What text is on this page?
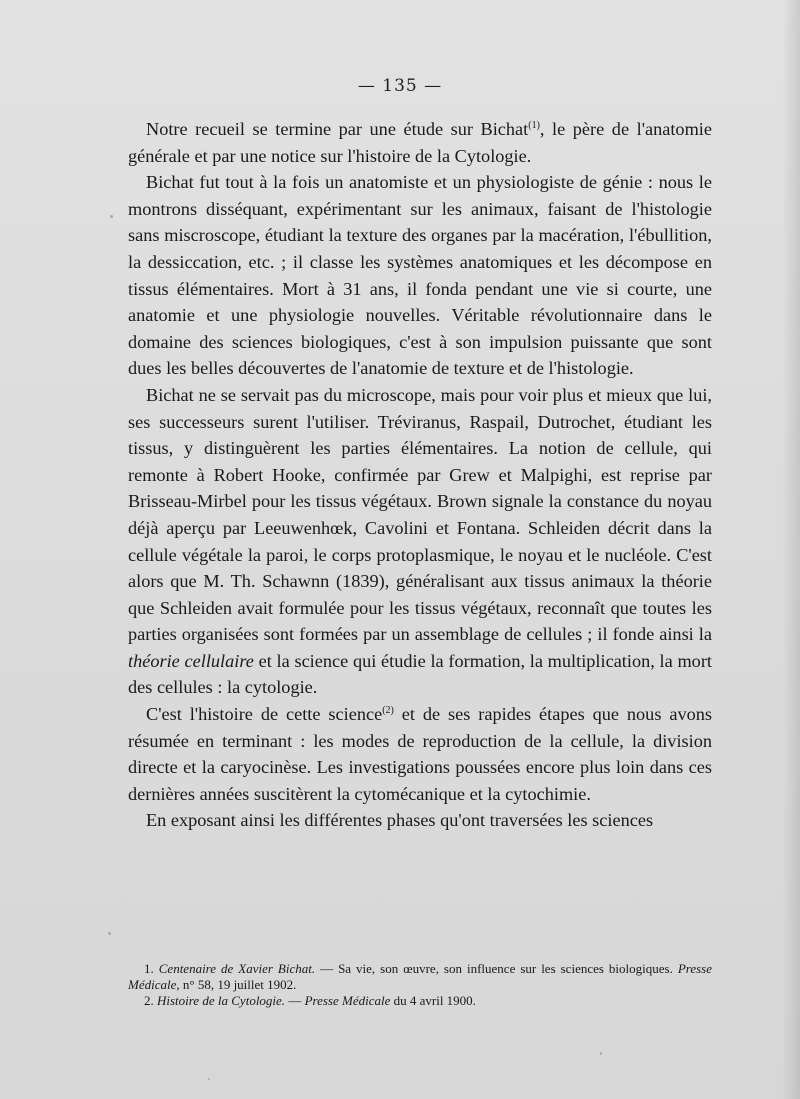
— 135 —

Notre recueil se termine par une étude sur Bichat$^{(1)}$, le père de l'anatomie générale et par une notice sur l'histoire de la Cytologie.

Bichat fut tout à la fois un anatomiste et un physiologiste de génie : nous le montrons disséquant, expérimentant sur les animaux, faisant de l'histologie sans miscroscope, étudiant la texture des organes par la macération, l'ébullition, la dessiccation, etc. ; il classe les systèmes anatomiques et les décompose en tissus élémentaires. Mort à 31 ans, il fonda pendant une vie si courte, une anatomie et une physiologie nouvelles. Véritable révolutionnaire dans le domaine des sciences biologiques, c'est à son impulsion puissante que sont dues les belles découvertes de l'anatomie de texture et de l'histologie.

Bichat ne se servait pas du microscope, mais pour voir plus et mieux que lui, ses successeurs surent l'utiliser. Tréviranus, Raspail, Dutrochet, étudiant les tissus, y distinguèrent les parties élémentaires. La notion de cellule, qui remonte à Robert Hooke, confirmée par Grew et Malpighi, est reprise par Brisseau-Mirbel pour les tissus végétaux. Brown signale la constance du noyau déjà aperçu par Leeuwenhœk, Cavolini et Fontana. Schleiden décrit dans la cellule végétale la paroi, le corps protoplasmique, le noyau et le nucléole. C'est alors que M. Th. Schawnn (1839), généralisant aux tissus animaux la théorie que Schleiden avait formulée pour les tissus végétaux, reconnaît que toutes les parties organisées sont formées par un assemblage de cellules ; il fonde ainsi la théorie cellulaire et la science qui étudie la formation, la multiplication, la mort des cellules : la cytologie.

C'est l'histoire de cette science$^{(2)}$ et de ses rapides étapes que nous avons résumée en terminant : les modes de reproduction de la cellule, la division directe et la caryocinèse. Les investigations poussées encore plus loin dans ces dernières années suscitèrent la cytomécanique et la cytochimie.

En exposant ainsi les différentes phases qu'ont traversées les sciences

1. Centenaire de Xavier Bichat. — Sa vie, son œuvre, son influence sur les sciences biologiques. Presse Médicale, n° 58, 19 juillet 1902.

2. Histoire de la Cytologie. — Presse Médicale du 4 avril 1900.
